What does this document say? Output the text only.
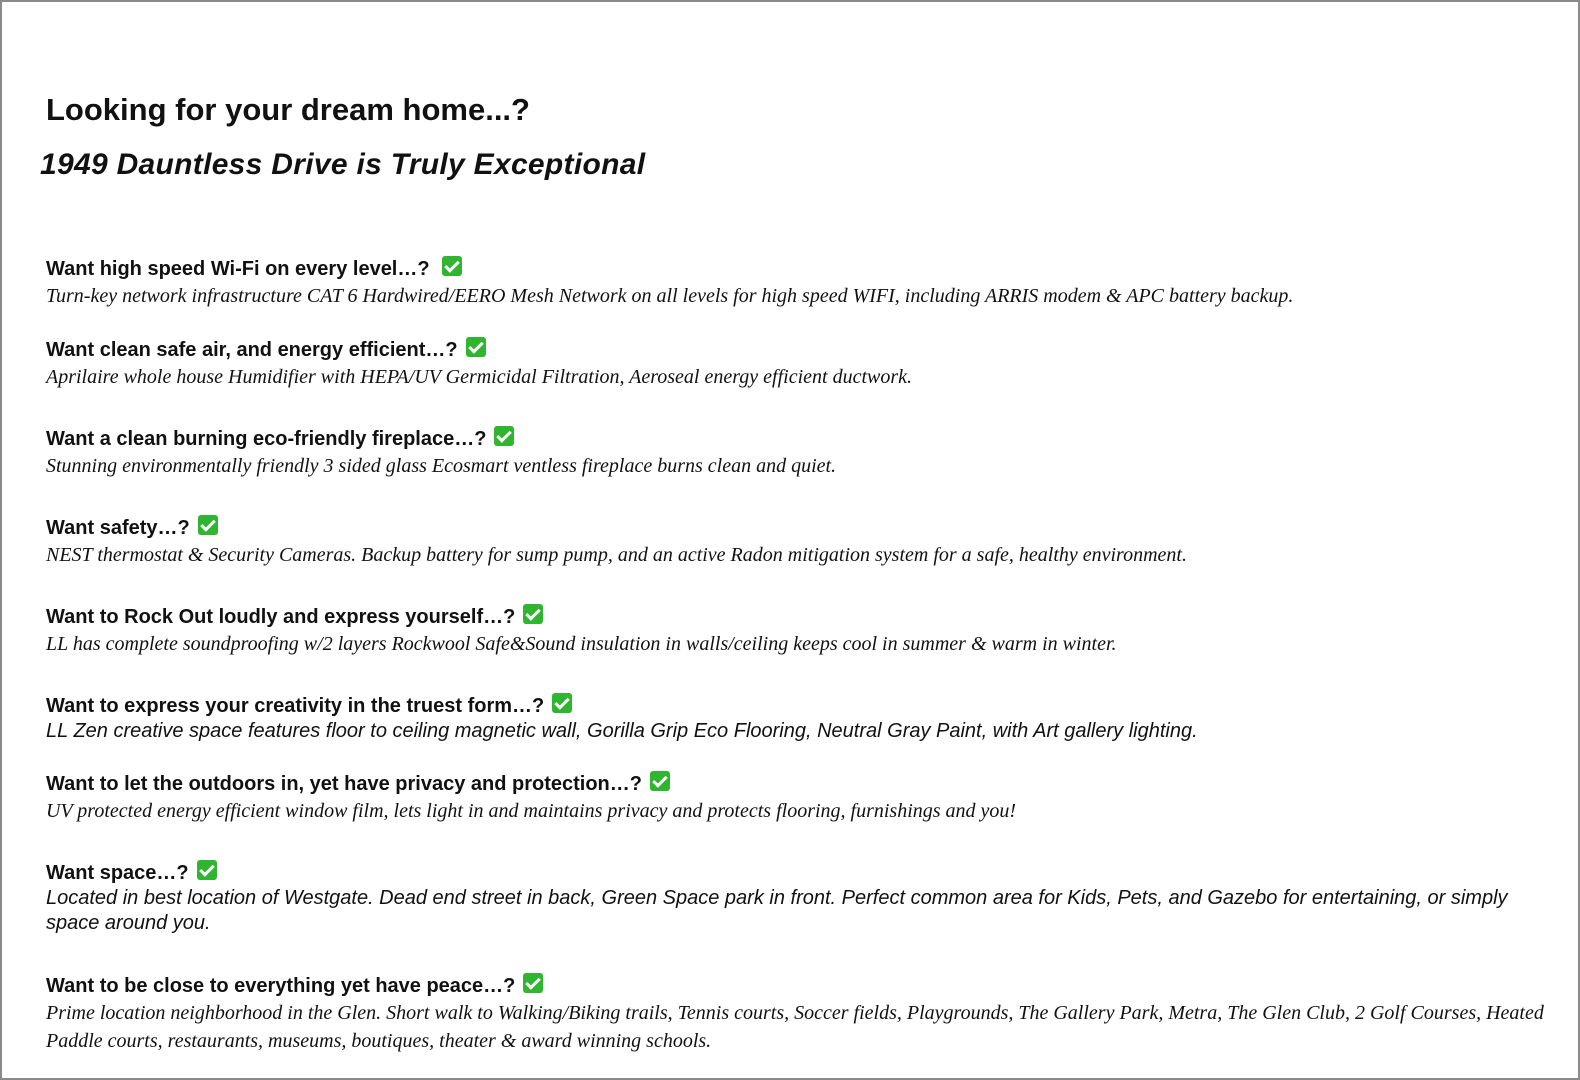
Looking for your dream home...?
1949 Dauntless Drive is Truly Exceptional
Want high speed Wi-Fi on every level…?
Turn-key network infrastructure CAT 6 Hardwired/EERO Mesh Network on all levels for high speed WIFI, including ARRIS modem & APC battery backup.
Want clean safe air, and energy efficient…?
Aprilaire whole house Humidifier with HEPA/UV Germicidal Filtration, Aeroseal energy efficient ductwork.
Want a clean burning eco-friendly fireplace…?
Stunning environmentally friendly 3 sided glass Ecosmart ventless fireplace burns clean and quiet.
Want safety…?
NEST thermostat & Security Cameras. Backup battery for sump pump, and an active Radon mitigation system for a safe, healthy environment.
Want to Rock Out loudly and express yourself…?
LL has complete soundproofing w/2 layers Rockwool Safe&Sound insulation in walls/ceiling keeps cool in summer & warm in winter.
Want to express your creativity in the truest form…?
LL Zen creative space features floor to ceiling magnetic wall, Gorilla Grip Eco Flooring, Neutral Gray Paint, with Art gallery lighting.
Want to let the outdoors in, yet have privacy and protection…?
UV protected energy efficient window film, lets light in and maintains privacy and protects flooring, furnishings and you!
Want space…?
Located in best location of Westgate. Dead end street in back, Green Space park in front. Perfect common area for Kids, Pets, and Gazebo for entertaining, or simply space around you.
Want to be close to everything yet have peace…?
Prime location neighborhood in the Glen. Short walk to Walking/Biking trails, Tennis courts, Soccer fields, Playgrounds, The Gallery Park, Metra, The Glen Club, 2 Golf Courses, Heated Paddle courts, restaurants, museums, boutiques, theater & award winning schools.
